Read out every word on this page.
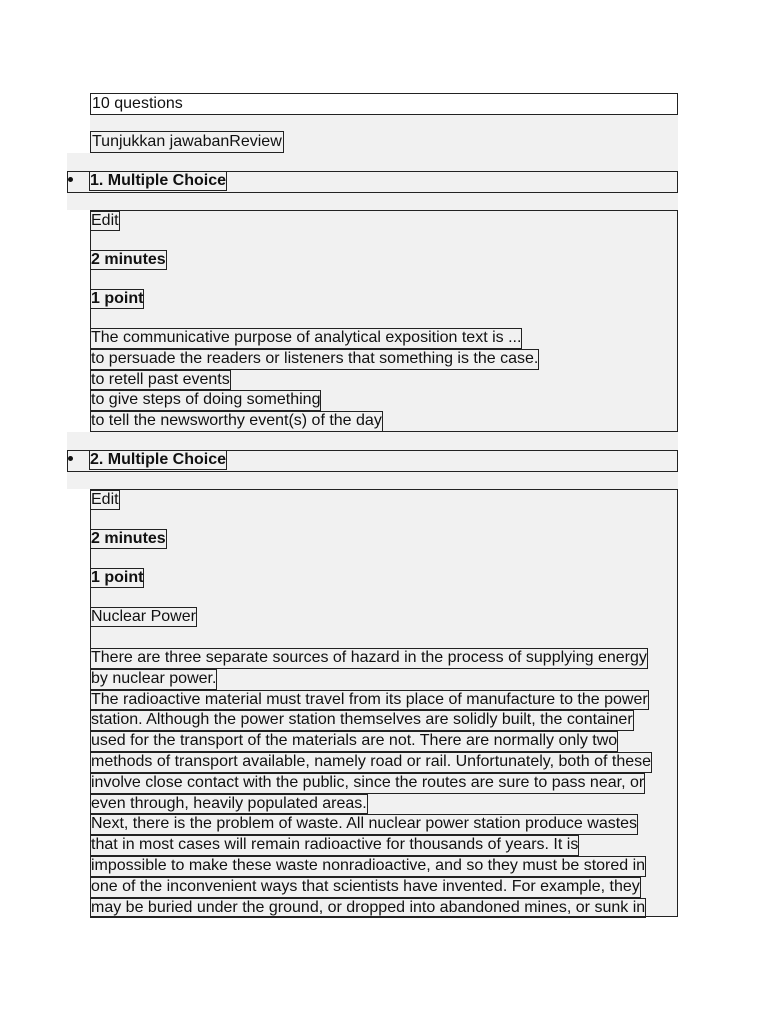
10 questions
Tunjukkan jawabanReview
1. Multiple Choice
Edit
2 minutes
1 point
The communicative purpose of analytical exposition text is ...
to persuade the readers or listeners that something is the case.
to retell past events
to give steps of doing something
to tell the newsworthy event(s) of the day
2. Multiple Choice
Edit
2 minutes
1 point
Nuclear Power
There are three separate sources of hazard in the process of supplying energy
by nuclear power.
The radioactive material must travel from its place of manufacture to the power
station. Although the power station themselves are solidly built, the container
used for the transport of the materials are not. There are normally only two
methods of transport available, namely road or rail. Unfortunately, both of these
involve close contact with the public, since the routes are sure to pass near, or
even through, heavily populated areas.
Next, there is the problem of waste. All nuclear power station produce wastes
that in most cases will remain radioactive for thousands of years. It is
impossible to make these waste nonradioactive, and so they must be stored in
one of the inconvenient ways that scientists have invented. For example, they
may be buried under the ground, or dropped into abandoned mines, or sunk in
